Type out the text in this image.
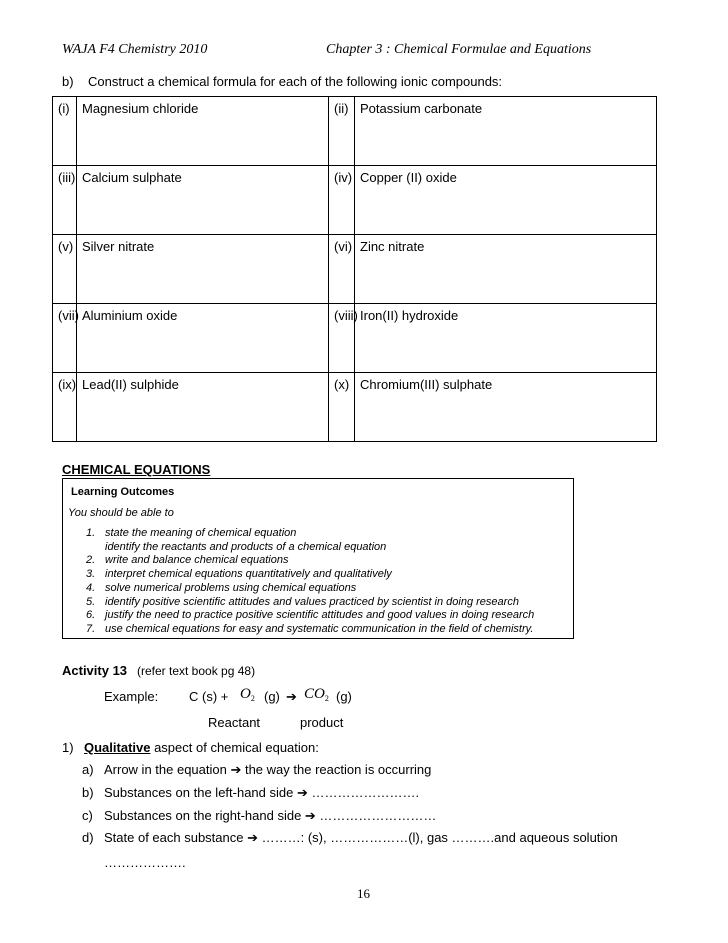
WAJA F4 Chemistry 2010	Chapter 3 : Chemical Formulae and Equations
b) Construct a chemical formula for each of the following ionic compounds:
(i)	Magnesium chloride	(ii)	Potassium carbonate
(iii)	Calcium sulphate	(iv)	Copper (II) oxide
(v)	Silver nitrate	(vi)	Zinc nitrate
(vii)	Aluminium oxide	(viii)	Iron(II) hydroxide
(ix)	Lead(II) sulphide	(x)	Chromium(III) sulphate
CHEMICAL EQUATIONS
Learning Outcomes
You should be able to
1. state the meaning of chemical equation
identify the reactants and products of a chemical equation
2. write and balance chemical equations
3. interpret chemical equations quantitatively and qualitatively
4. solve numerical problems using chemical equations
5. identify positive scientific attitudes and values practiced by scientist in doing research
6. justify the need to practice positive scientific attitudes and good values in doing research
7. use chemical equations for easy and systematic communication in the field of chemistry.
Activity 13 (refer text book pg 48)
Example: C $(s) + O_2$ (g) ➔ $CO_2$ (g)
Reactant	product
1) Qualitative aspect of chemical equation:
a) Arrow in the equation ➔ the way the reaction is occurring
b) Substances on the left-hand side ➔ …………………….
c) Substances on the right-hand side ➔ ………………………
d) State of each substance ➔ ………: (s), ………………(l), gas ……….and aqueous solution
……………….
16
